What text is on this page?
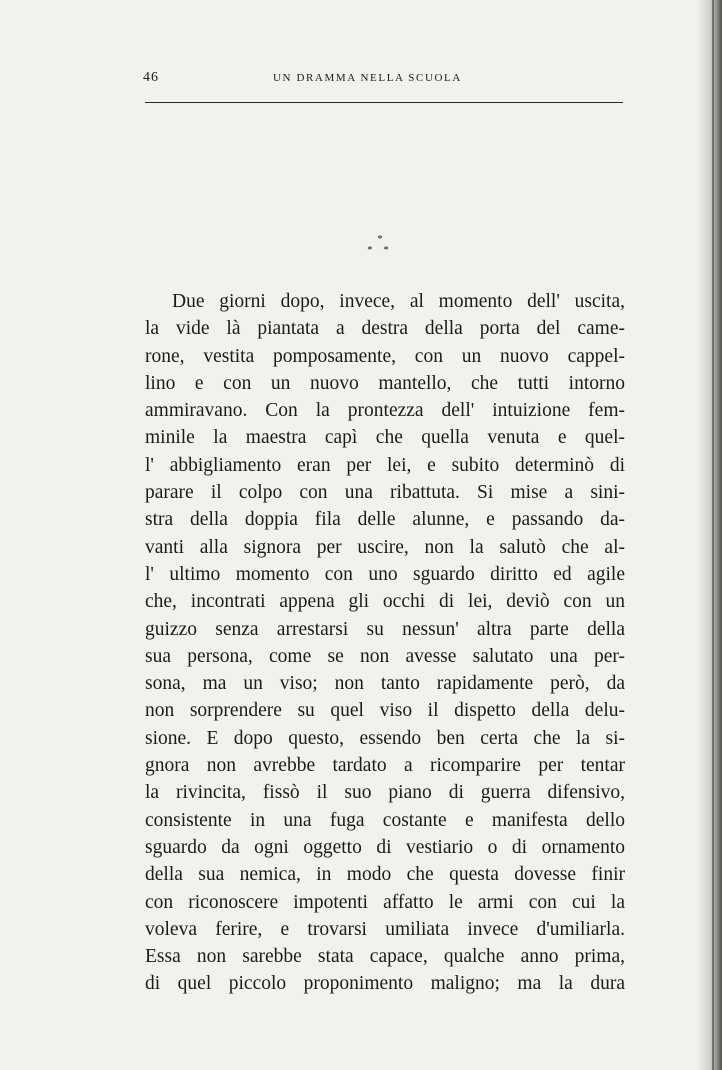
46	UN DRAMMA NELLA SCUOLA
*
* *
Due giorni dopo, invece, al momento dell' uscita,
la vide là piantata a destra della porta del came-
rone, vestita pomposamente, con un nuovo cappel-
lino e con un nuovo mantello, che tutti intorno
ammiravano. Con la prontezza dell' intuizione fem-
minile la maestra capì che quella venuta e quel-
l' abbigliamento eran per lei, e subito determinò di
parare il colpo con una ribattuta. Si mise a sini-
stra della doppia fila delle alunne, e passando da-
vanti alla signora per uscire, non la salutò che al-
l' ultimo momento con uno sguardo diritto ed agile
che, incontrati appena gli occhi di lei, deviò con un
guizzo senza arrestarsi su nessun' altra parte della
sua persona, come se non avesse salutato una per-
sona, ma un viso; non tanto rapidamente però, da
non sorprendere su quel viso il dispetto della delu-
sione. E dopo questo, essendo ben certa che la si-
gnora non avrebbe tardato a ricomparire per tentar
la rivincita, fissò il suo piano di guerra difensivo,
consistente in una fuga costante e manifesta dello
sguardo da ogni oggetto di vestiario o di ornamento
della sua nemica, in modo che questa dovesse finir
con riconoscere impotenti affatto le armi con cui la
voleva ferire, e trovarsi umiliata invece d'umiliarla.
Essa non sarebbe stata capace, qualche anno prima,
di quel piccolo proponimento maligno; ma la dura
